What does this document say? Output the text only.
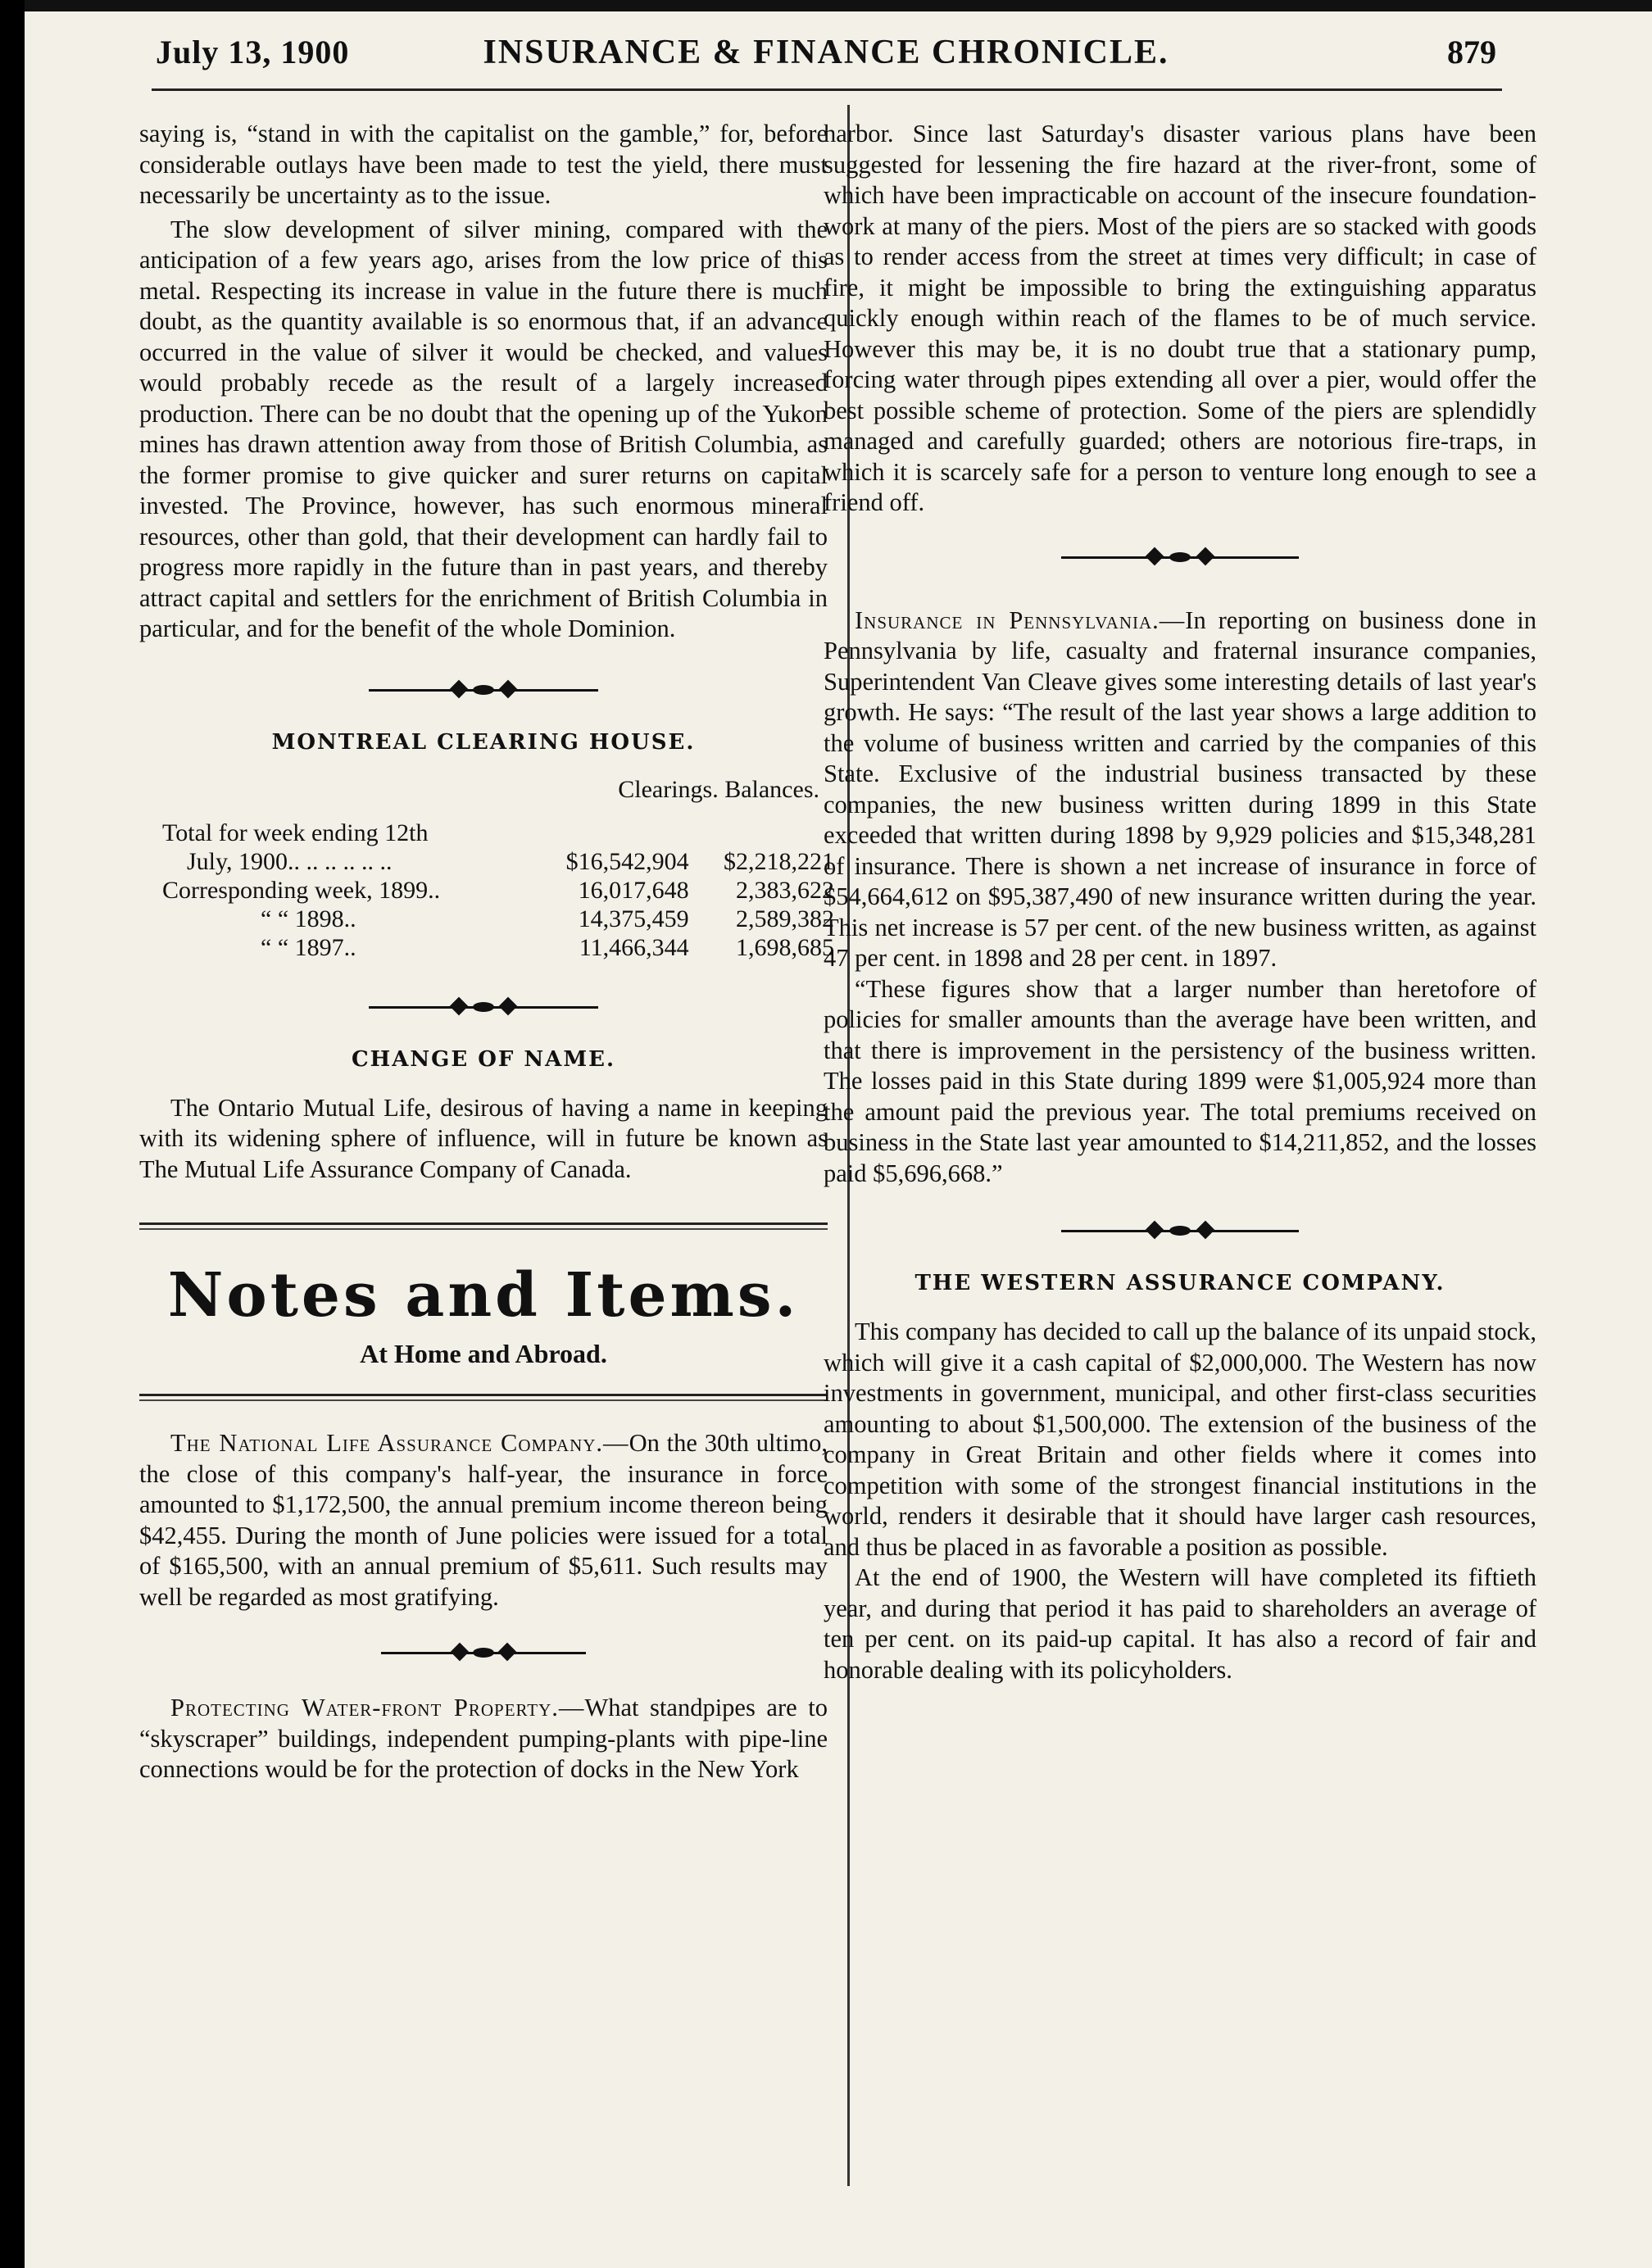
July 13, 1900	INSURANCE & FINANCE CHRONICLE.	879

saying is, “stand in with the capitalist on the gamble,” for, before considerable outlays have been made to test the yield, there must necessarily be uncertainty as to the issue.

The slow development of silver mining, compared with the anticipation of a few years ago, arises from the low price of this metal. Respecting its increase in value in the future there is much doubt, as the quantity available is so enormous that, if an advance occurred in the value of silver it would be checked, and values would probably recede as the result of a largely increased production. There can be no doubt that the opening up of the Yukon mines has drawn attention away from those of British Columbia, as the former promise to give quicker and surer returns on capital invested. The Province, however, has such enormous mineral resources, other than gold, that their development can hardly fail to progress more rapidly in the future than in past years, and thereby attract capital and settlers for the enrichment of British Columbia in particular, and for the benefit of the whole Dominion.

MONTREAL CLEARING HOUSE.
Clearings. Balances.
Total for week ending 12th		
July, 1900.. .. .. .. .. ..	$16,542,904	$2,218,221
Corresponding week, 1899..	16,017,648	2,383,622
“ “ 1898..	14,375,459	2,589,382
“ “ 1897..	11,466,344	1,698,685
CHANGE OF NAME.

The Ontario Mutual Life, desirous of having a name in keeping with its widening sphere of influence, will in future be known as The Mutual Life Assurance Company of Canada.

Notes and Items.
At Home and Abroad.

The National Life Assurance Company.—On the 30th ultimo, the close of this company's half-year, the insurance in force amounted to $1,172,500, the annual premium income thereon being $42,455. During the month of June policies were issued for a total of $165,500, with an annual premium of $5,611. Such results may well be regarded as most gratifying.

Protecting Water-front Property.—What standpipes are to “skyscraper” buildings, independent pumping-plants with pipe-line connections would be for the protection of docks in the New York

harbor. Since last Saturday's disaster various plans have been suggested for lessening the fire hazard at the river-front, some of which have been impracticable on account of the insecure foundation-work at many of the piers. Most of the piers are so stacked with goods as to render access from the street at times very difficult; in case of fire, it might be impossible to bring the extinguishing apparatus quickly enough within reach of the flames to be of much service. However this may be, it is no doubt true that a stationary pump, forcing water through pipes extending all over a pier, would offer the best possible scheme of protection. Some of the piers are splendidly managed and carefully guarded; others are notorious fire-traps, in which it is scarcely safe for a person to venture long enough to see a friend off.

Insurance in Pennsylvania.—In reporting on business done in Pennsylvania by life, casualty and fraternal insurance companies, Superintendent Van Cleave gives some interesting details of last year's growth. He says: “The result of the last year shows a large addition to the volume of business written and carried by the companies of this State. Exclusive of the industrial business transacted by these companies, the new business written during 1899 in this State exceeded that written during 1898 by 9,929 policies and $15,348,281 of insurance. There is shown a net increase of insurance in force of $54,664,612 on $95,387,490 of new insurance written during the year. This net increase is 57 per cent. of the new business written, as against 47 per cent. in 1898 and 28 per cent. in 1897.

“These figures show that a larger number than heretofore of policies for smaller amounts than the average have been written, and that there is improvement in the persistency of the business written. The losses paid in this State during 1899 were $1,005,924 more than the amount paid the previous year. The total premiums received on business in the State last year amounted to $14,211,852, and the losses paid $5,696,668.”

THE WESTERN ASSURANCE COMPANY.

This company has decided to call up the balance of its unpaid stock, which will give it a cash capital of $2,000,000. The Western has now investments in government, municipal, and other first-class securities amounting to about $1,500,000. The extension of the business of the company in Great Britain and other fields where it comes into competition with some of the strongest financial institutions in the world, renders it desirable that it should have larger cash resources, and thus be placed in as favorable a position as possible.

At the end of 1900, the Western will have completed its fiftieth year, and during that period it has paid to shareholders an average of ten per cent. on its paid-up capital. It has also a record of fair and honorable dealing with its policyholders.
